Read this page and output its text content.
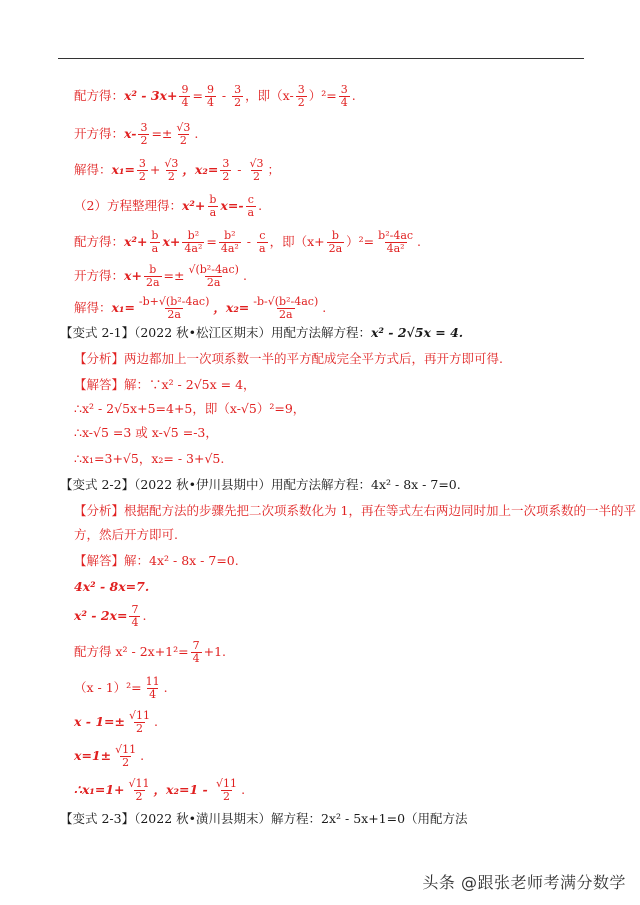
配方得：$x^2 - 3x+ \frac{9}{4} = \frac{9}{4} - \frac{3}{2}$ ，即$(x- \frac{3}{2} )^2= \frac{3}{4}$ .
开方得：$x- \frac{3}{2} =\pm \frac{√3}{2}$ .
解得：$x_1= \frac{3}{2} + \frac{√3}{2}$ ，$x_2= \frac{3}{2} - \frac{√3}{2}$ ；
（2）方程整理得：$x^2+ \frac{b}{a} x=- \frac{c}{a}$ .
配方得：$x^2+ \frac{b}{a} x+ \frac{\text{b²}}{\text{4a²}} = \frac{\text{b²}}{\text{4a²}} - \frac{c}{a}$ ，即$(x+ \frac{b}{2a} )^2= \frac{\text{b²-4ac}}{\text{4a²}}$ .
开方得：$x+ \frac{b}{2a} =\pm \frac{\text{√(b²-4ac)}}{2a}$ .
解得：$x_1= \frac{\text{-b+√(b²-4ac)}}{2a}$ ，$x_2= \frac{\text{-b-√(b²-4ac)}}{2a}$ .
【变式 2-1】（2022 秋•松江区期末）用配方法解方程：x² - 2√5x = 4.
【分析】两边都加上一次项系数一半的平方配成完全平方式后，再开方即可得.
【解答】解：∵x² - 2√5x = 4，
∴x² - 2√5x+5=4+5，即（x-√5）²=9，
∴x-√5 =3 或 x-√5 =-3，
∴x₁=3+√5，x₂= - 3+√5.
【变式 2-2】（2022 秋•伊川县期中）用配方法解方程：4x² - 8x - 7=0.
【分析】根据配方法的步骤先把二次项系数化为 1，再在等式左右两边同时加上一次项系数的一半的平
方，然后开方即可.
【解答】解：4x² - 8x - 7=0.
4x² - 8x=7.
$x^2 - 2x= \frac{7}{4}$ .
配方得 $x^2 - 2x+1^2= \frac{7}{4} +1$.
$(x - 1)^2= \frac{11}{4}$ .
$x - 1=\pm \frac{√11}{2}$ .
$x=1\pm \frac{√11}{2}$ .
∴x₁=1+ $\frac{√11}{2}$ ，$x_2=1 - \frac{√11}{2}$ .
【变式 2-3】（2022 秋•潢川县期末）解方程：2x² - 5x+1=0（用配方法
头条 @跟张老师考满分数学
